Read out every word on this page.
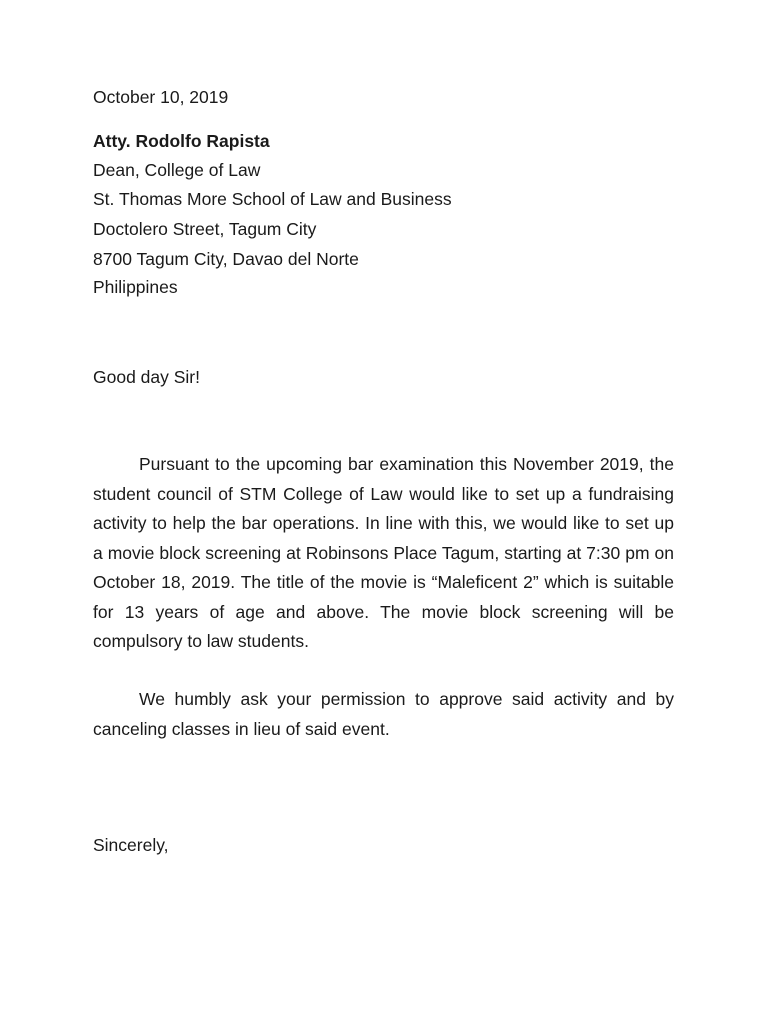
October 10, 2019

Atty. Rodolfo Rapista

Dean, College of Law

St. Thomas More School of Law and Business

Doctolero Street, Tagum City

8700 Tagum City, Davao del Norte

Philippines

Good day Sir!

Pursuant to the upcoming bar examination this November 2019, the student council of STM College of Law would like to set up a fundraising activity to help the bar operations. In line with this, we would like to set up a movie block screening at Robinsons Place Tagum, starting at 7:30 pm on October 18, 2019. The title of the movie is “Maleficent 2” which is suitable for 13 years of age and above. The movie block screening will be compulsory to law students.

We humbly ask your permission to approve said activity and by canceling classes in lieu of said event.

Sincerely,
